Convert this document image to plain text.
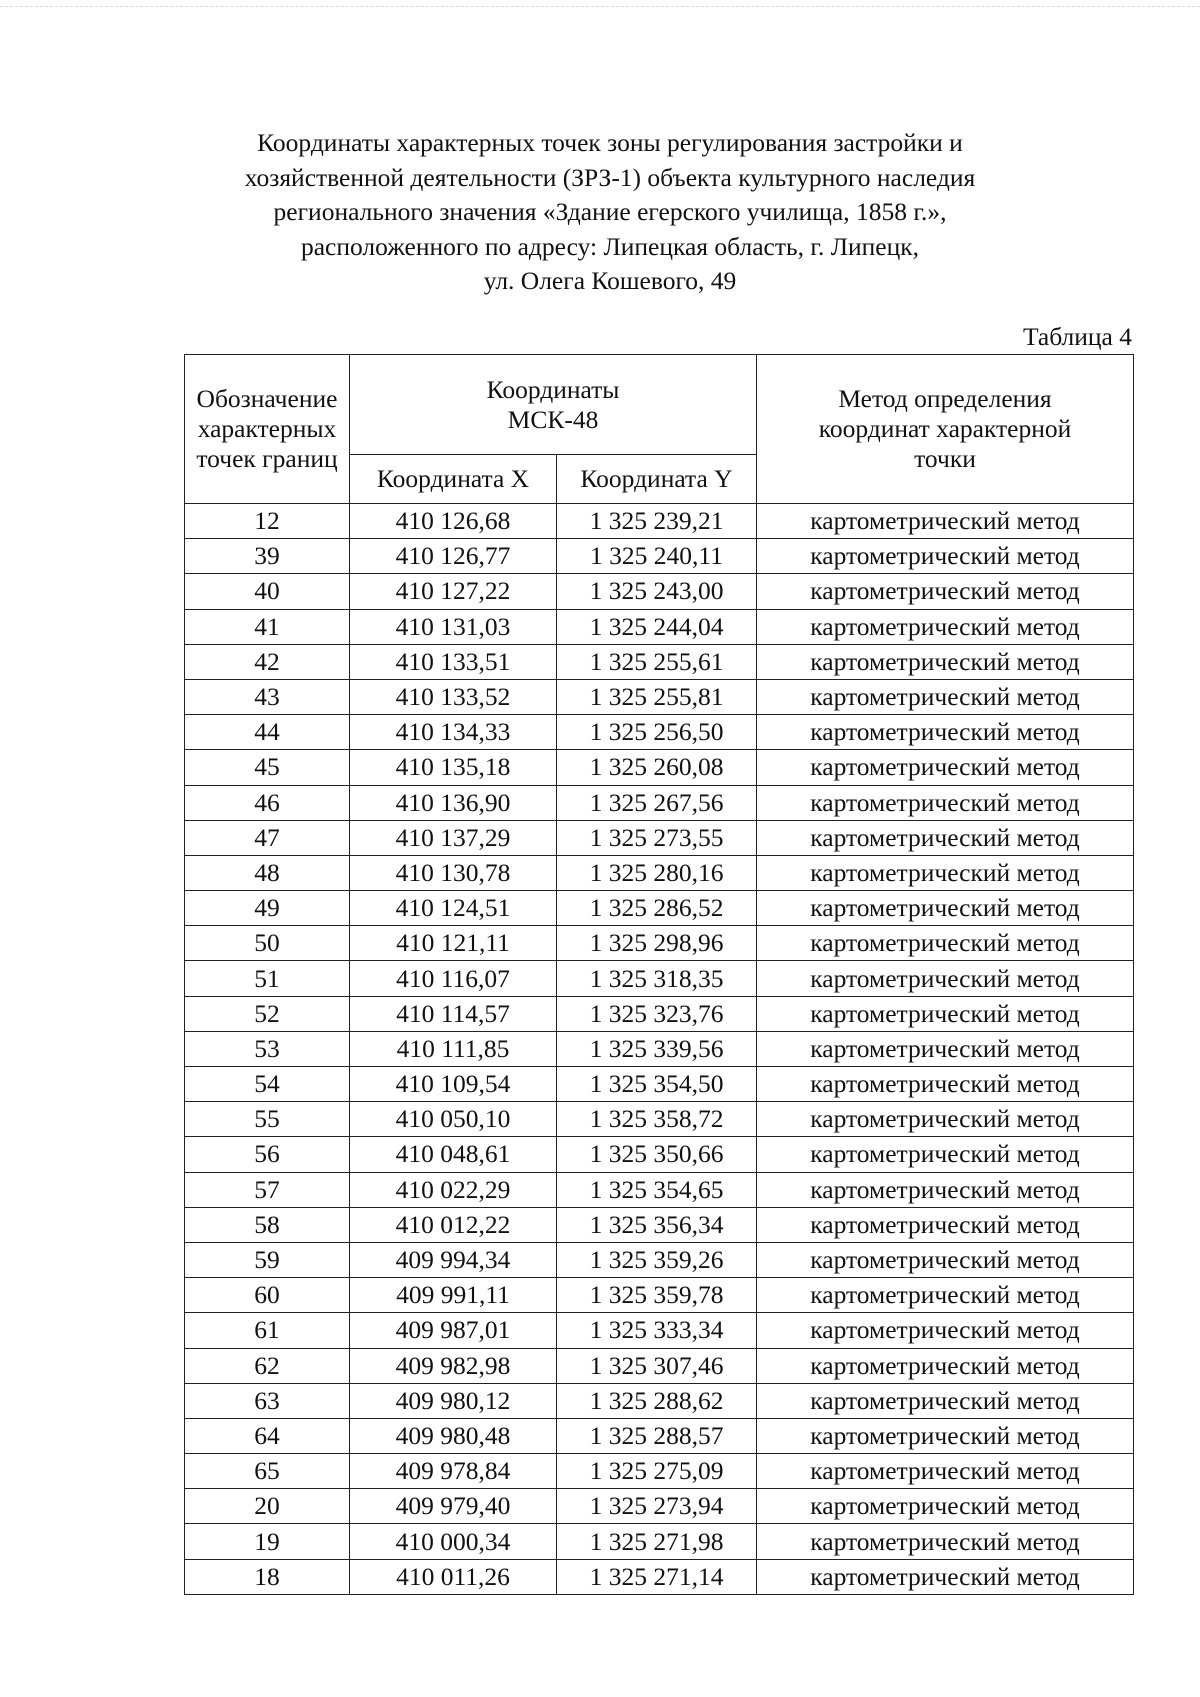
Координаты характерных точек зоны регулирования застройки и
хозяйственной деятельности (ЗРЗ-1) объекта культурного наследия
регионального значения «Здание егерского училища, 1858 г.»,
расположенного по адресу: Липецкая область, г. Липецк,
ул. Олега Кошевого, 49
Таблица 4
Обозначение
характерных
точек границ	Координаты
МСК-48		Метод определения
координат характерной
точки

	Координата X	Координата Y	
12	410 126,68	1 325 239,21	картометрический метод
39	410 126,77	1 325 240,11	картометрический метод
40	410 127,22	1 325 243,00	картометрический метод
41	410 131,03	1 325 244,04	картометрический метод
42	410 133,51	1 325 255,61	картометрический метод
43	410 133,52	1 325 255,81	картометрический метод
44	410 134,33	1 325 256,50	картометрический метод
45	410 135,18	1 325 260,08	картометрический метод
46	410 136,90	1 325 267,56	картометрический метод
47	410 137,29	1 325 273,55	картометрический метод
48	410 130,78	1 325 280,16	картометрический метод
49	410 124,51	1 325 286,52	картометрический метод
50	410 121,11	1 325 298,96	картометрический метод
51	410 116,07	1 325 318,35	картометрический метод
52	410 114,57	1 325 323,76	картометрический метод
53	410 111,85	1 325 339,56	картометрический метод
54	410 109,54	1 325 354,50	картометрический метод
55	410 050,10	1 325 358,72	картометрический метод
56	410 048,61	1 325 350,66	картометрический метод
57	410 022,29	1 325 354,65	картометрический метод
58	410 012,22	1 325 356,34	картометрический метод
59	409 994,34	1 325 359,26	картометрический метод
60	409 991,11	1 325 359,78	картометрический метод
61	409 987,01	1 325 333,34	картометрический метод
62	409 982,98	1 325 307,46	картометрический метод
63	409 980,12	1 325 288,62	картометрический метод
64	409 980,48	1 325 288,57	картометрический метод
65	409 978,84	1 325 275,09	картометрический метод
20	409 979,40	1 325 273,94	картометрический метод
19	410 000,34	1 325 271,98	картометрический метод
18	410 011,26	1 325 271,14	картометрический метод
